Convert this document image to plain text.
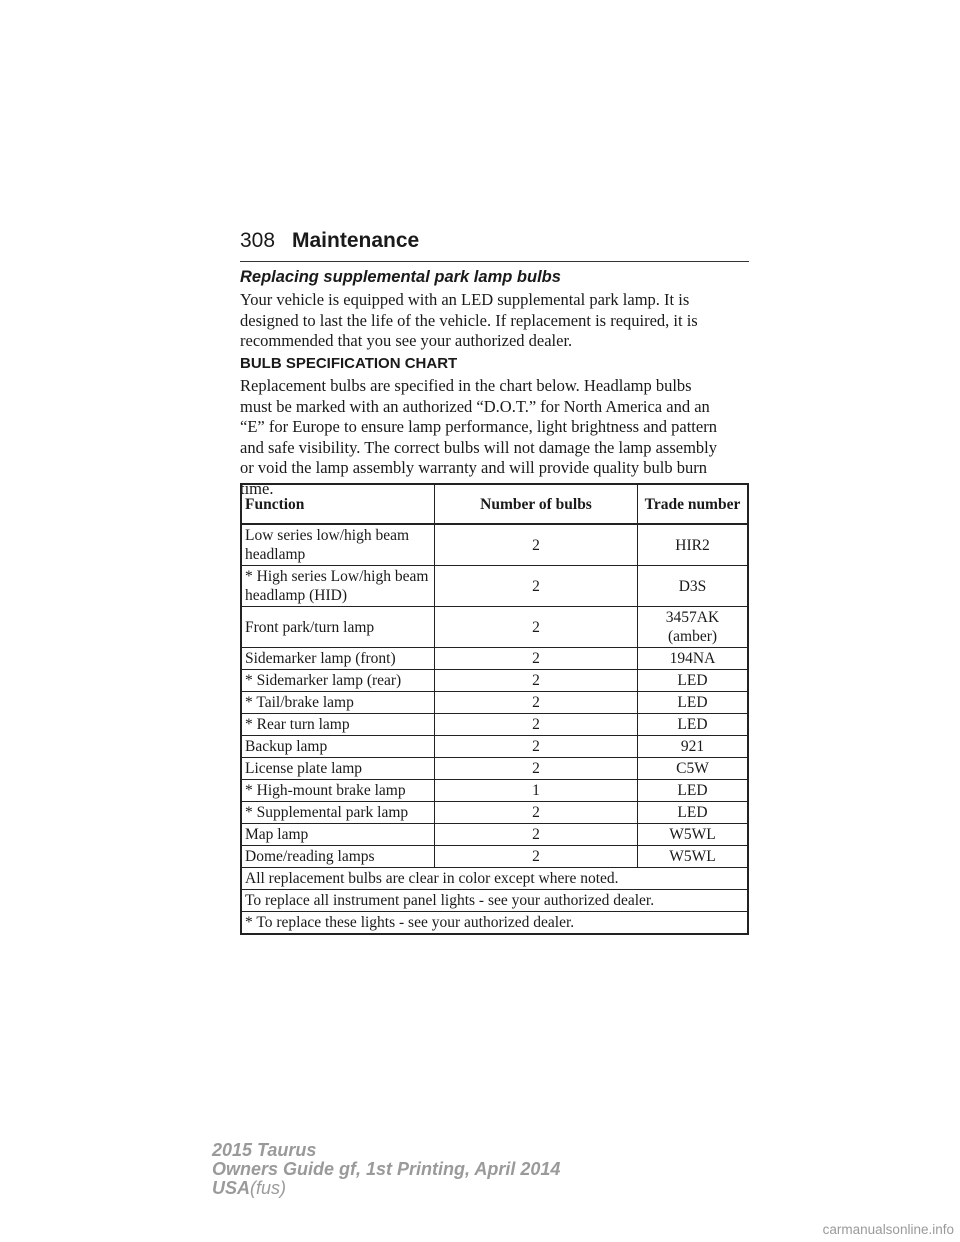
308 Maintenance
Replacing supplemental park lamp bulbs
Your vehicle is equipped with an LED supplemental park lamp. It is
designed to last the life of the vehicle. If replacement is required, it is
recommended that you see your authorized dealer.
BULB SPECIFICATION CHART
Replacement bulbs are specified in the chart below. Headlamp bulbs
must be marked with an authorized “D.O.T.” for North America and an
“E” for Europe to ensure lamp performance, light brightness and pattern
and safe visibility. The correct bulbs will not damage the lamp assembly
or void the lamp assembly warranty and will provide quality bulb burn
time.
Function	Number of bulbs	Trade number
Low series low/high beam headlamp	2	HIR2
* High series Low/high beam headlamp (HID)	2	D3S
Front park/turn lamp	2	3457AK (amber)
Sidemarker lamp (front)	2	194NA
* Sidemarker lamp (rear)	2	LED
* Tail/brake lamp	2	LED
* Rear turn lamp	2	LED
Backup lamp	2	921
License plate lamp	2	C5W
* High-mount brake lamp	1	LED
* Supplemental park lamp	2	LED
Map lamp	2	W5WL
Dome/reading lamps	2	W5WL
All replacement bulbs are clear in color except where noted.		
To replace all instrument panel lights - see your authorized dealer.		
* To replace these lights - see your authorized dealer.		
2015 Taurus
Owners Guide gf, 1st Printing, April 2014
USA(fus)
carmanualsonline.info
